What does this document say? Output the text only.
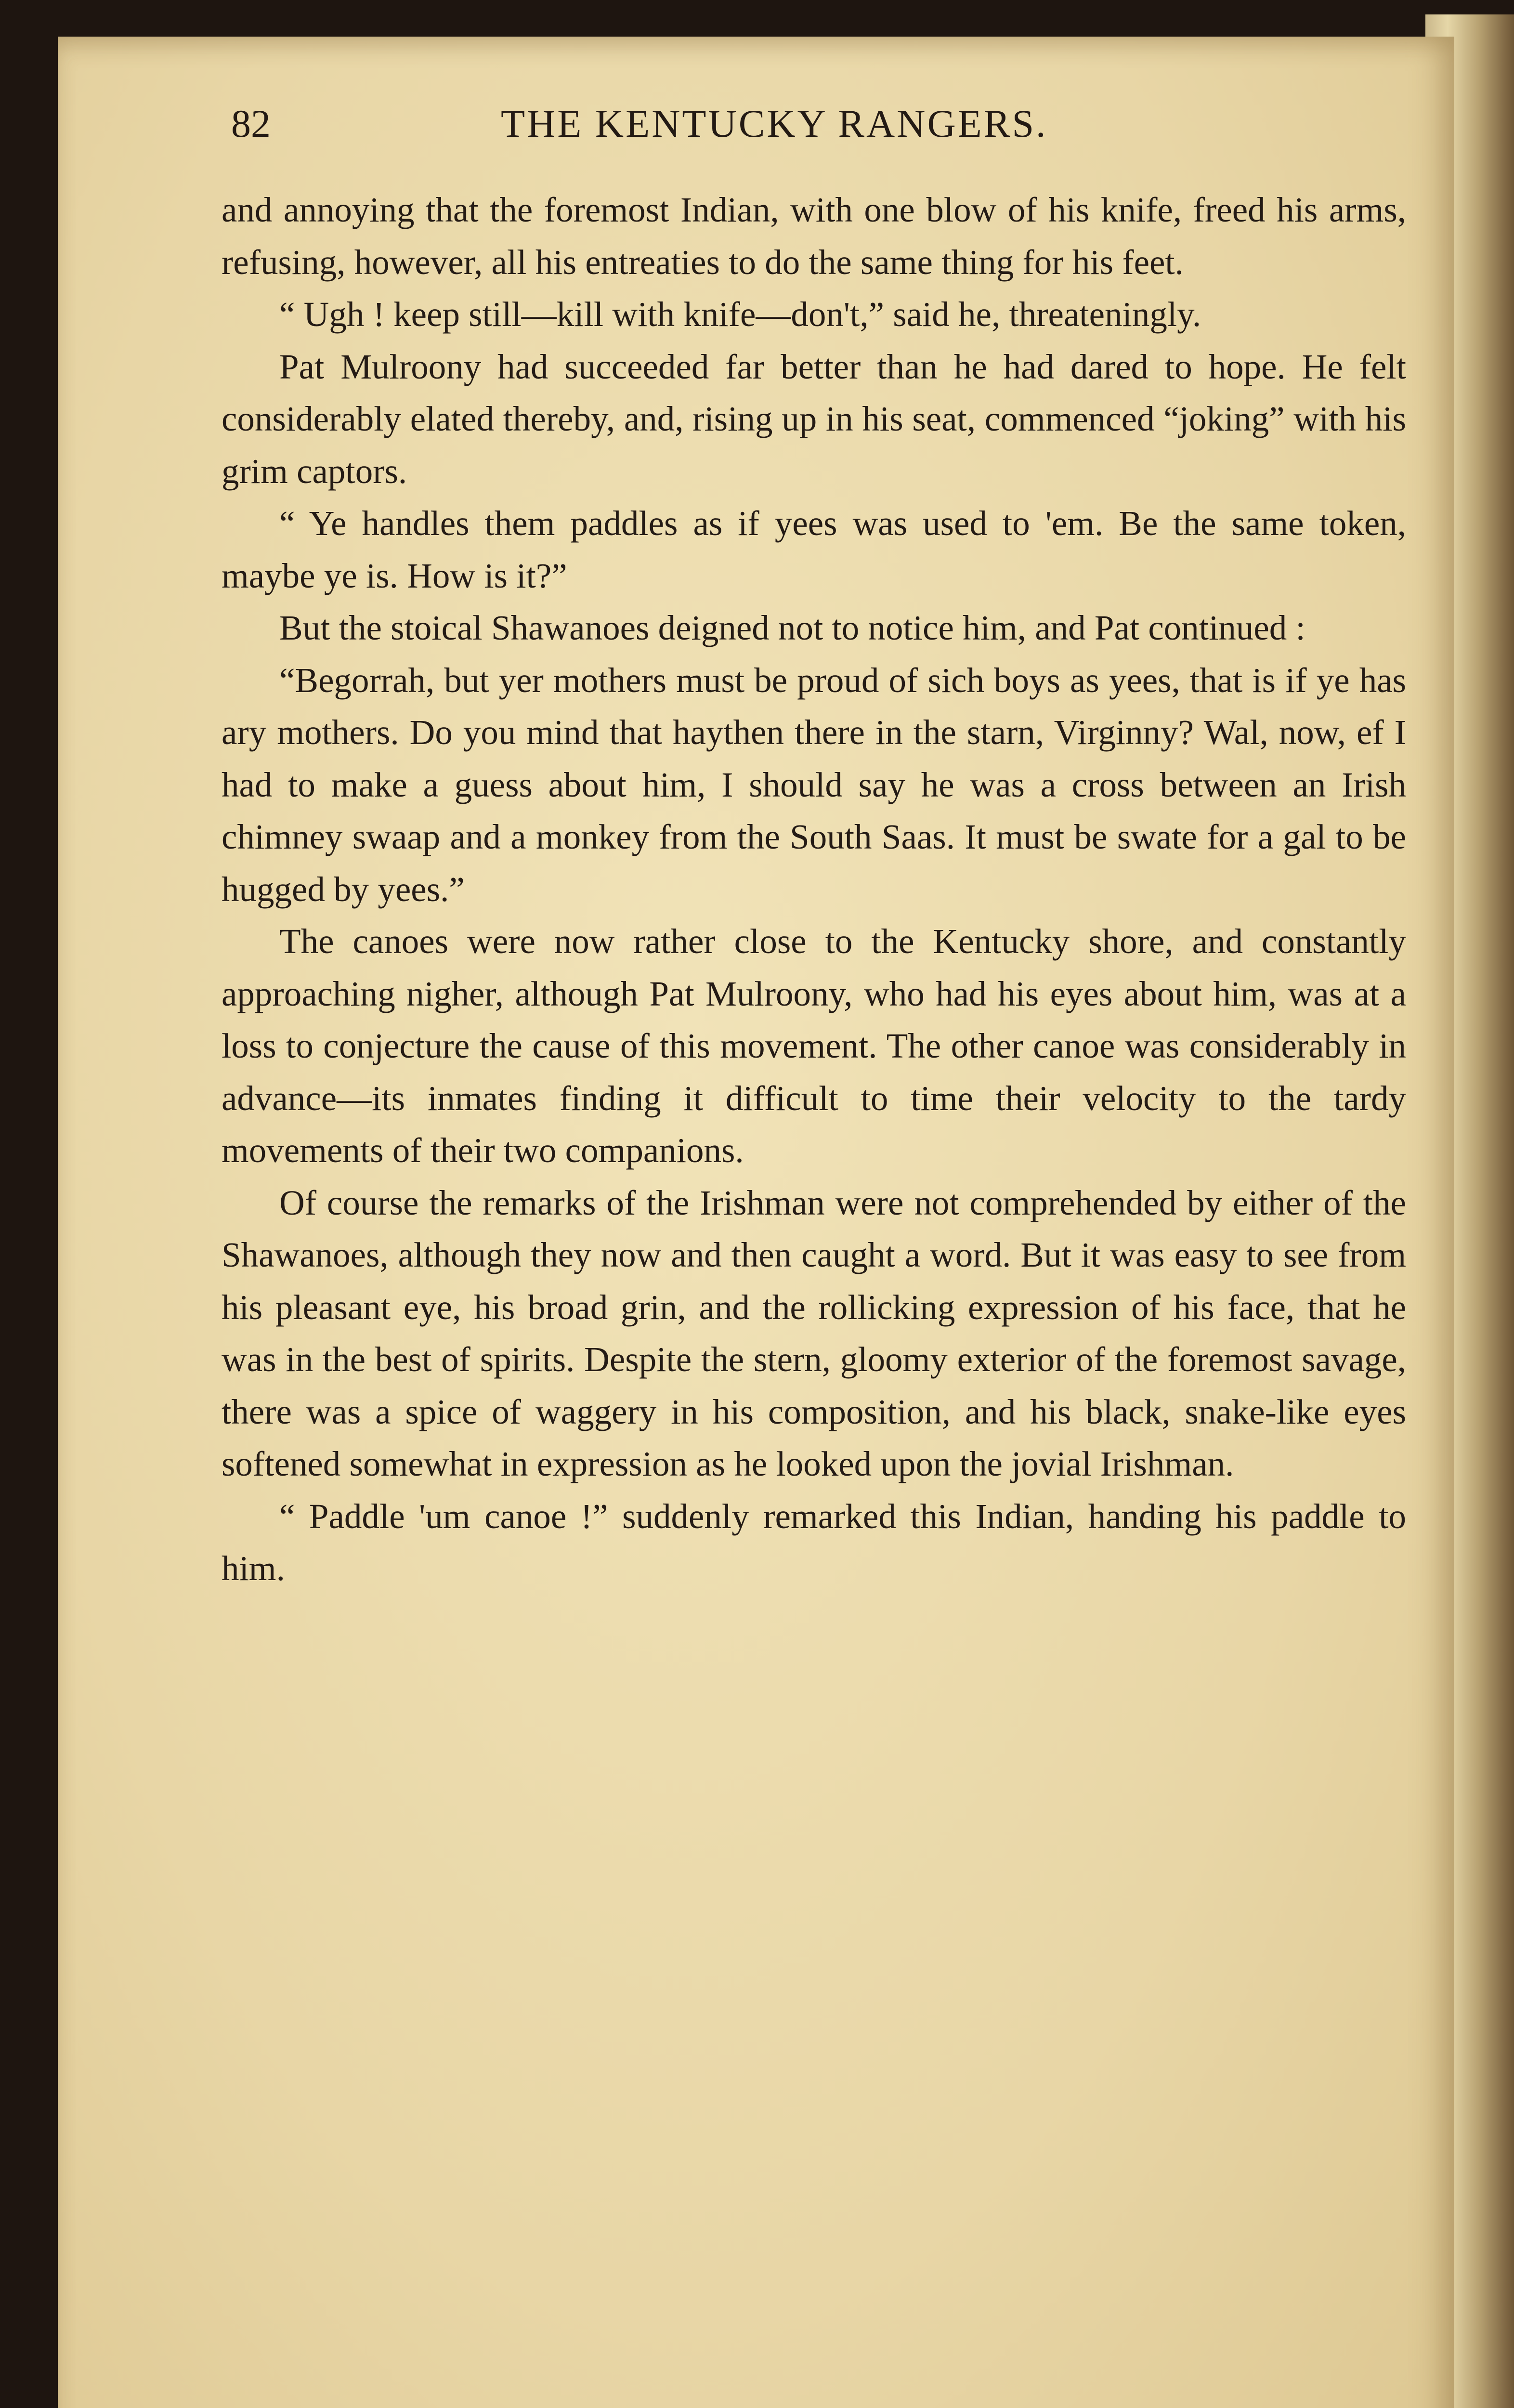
82	THE KENTUCKY RANGERS.

and annoying that the foremost Indian, with one blow of his knife, freed his arms, refusing, however, all his entreaties to do the same thing for his feet.

“ Ugh ! keep still—kill with knife—don't,” said he, threateningly.

Pat Mulroony had succeeded far better than he had dared to hope. He felt considerably elated thereby, and, rising up in his seat, commenced “joking” with his grim captors.

“ Ye handles them paddles as if yees was used to 'em. Be the same token, maybe ye is. How is it?”

But the stoical Shawanoes deigned not to notice him, and Pat continued :

“Begorrah, but yer mothers must be proud of sich boys as yees, that is if ye has ary mothers. Do you mind that haythen there in the starn, Virginny? Wal, now, ef I had to make a guess about him, I should say he was a cross between an Irish chimney swaap and a monkey from the South Saas. It must be swate for a gal to be hugged by yees.”

The canoes were now rather close to the Kentucky shore, and constantly approaching nigher, although Pat Mulroony, who had his eyes about him, was at a loss to conjecture the cause of this movement. The other canoe was considerably in advance—its inmates finding it difficult to time their velocity to the tardy movements of their two companions.

Of course the remarks of the Irishman were not comprehended by either of the Shawanoes, although they now and then caught a word. But it was easy to see from his pleasant eye, his broad grin, and the rollicking expression of his face, that he was in the best of spirits. Despite the stern, gloomy exterior of the foremost savage, there was a spice of waggery in his composition, and his black, snake-like eyes softened somewhat in expression as he looked upon the jovial Irishman.

“ Paddle 'um canoe !” suddenly remarked this Indian, handing his paddle to him.
